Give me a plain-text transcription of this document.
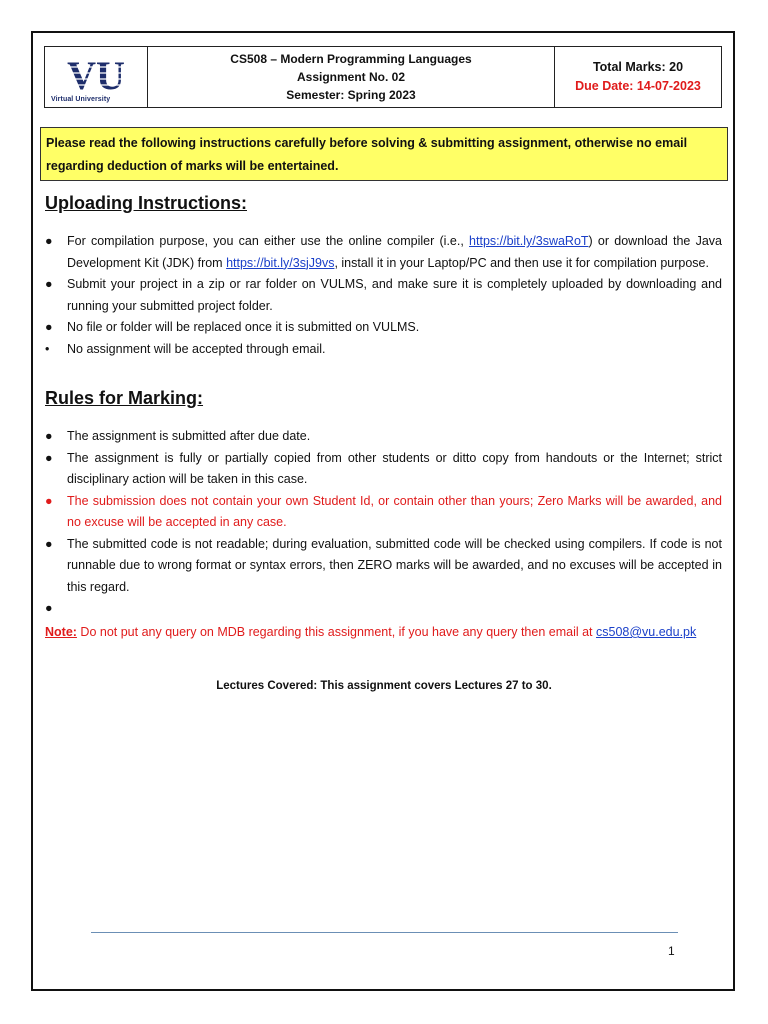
VU
Virtual University
CS508 – Modern Programming Languages
Assignment No. 02
Semester: Spring 2023
Total Marks: 20
Due Date: 14-07-2023
Please read the following instructions carefully before solving & submitting assignment, otherwise no email regarding deduction of marks will be entertained.
Uploading Instructions:
● For compilation purpose, you can either use the online compiler (i.e., https://bit.ly/3swaRoT) or download the Java Development Kit (JDK) from https://bit.ly/3sjJ9vs, install it in your Laptop/PC and then use it for compilation purpose.
● Submit your project in a zip or rar folder on VULMS, and make sure it is completely uploaded by downloading and running your submitted project folder.
● No file or folder will be replaced once it is submitted on VULMS.
• No assignment will be accepted through email.
Rules for Marking:
● The assignment is submitted after due date.
● The assignment is fully or partially copied from other students or ditto copy from handouts or the Internet; strict disciplinary action will be taken in this case.
● The submission does not contain your own Student Id, or contain other than yours; Zero Marks will be awarded, and no excuse will be accepted in any case.
● The submitted code is not readable; during evaluation, submitted code will be checked using compilers. If code is not runnable due to wrong format or syntax errors, then ZERO marks will be awarded, and no excuses will be accepted in this regard.
●

Note: Do not put any query on MDB regarding this assignment, if you have any query then email at cs508@vu.edu.pk
Lectures Covered: This assignment covers Lectures 27 to 30.
1
